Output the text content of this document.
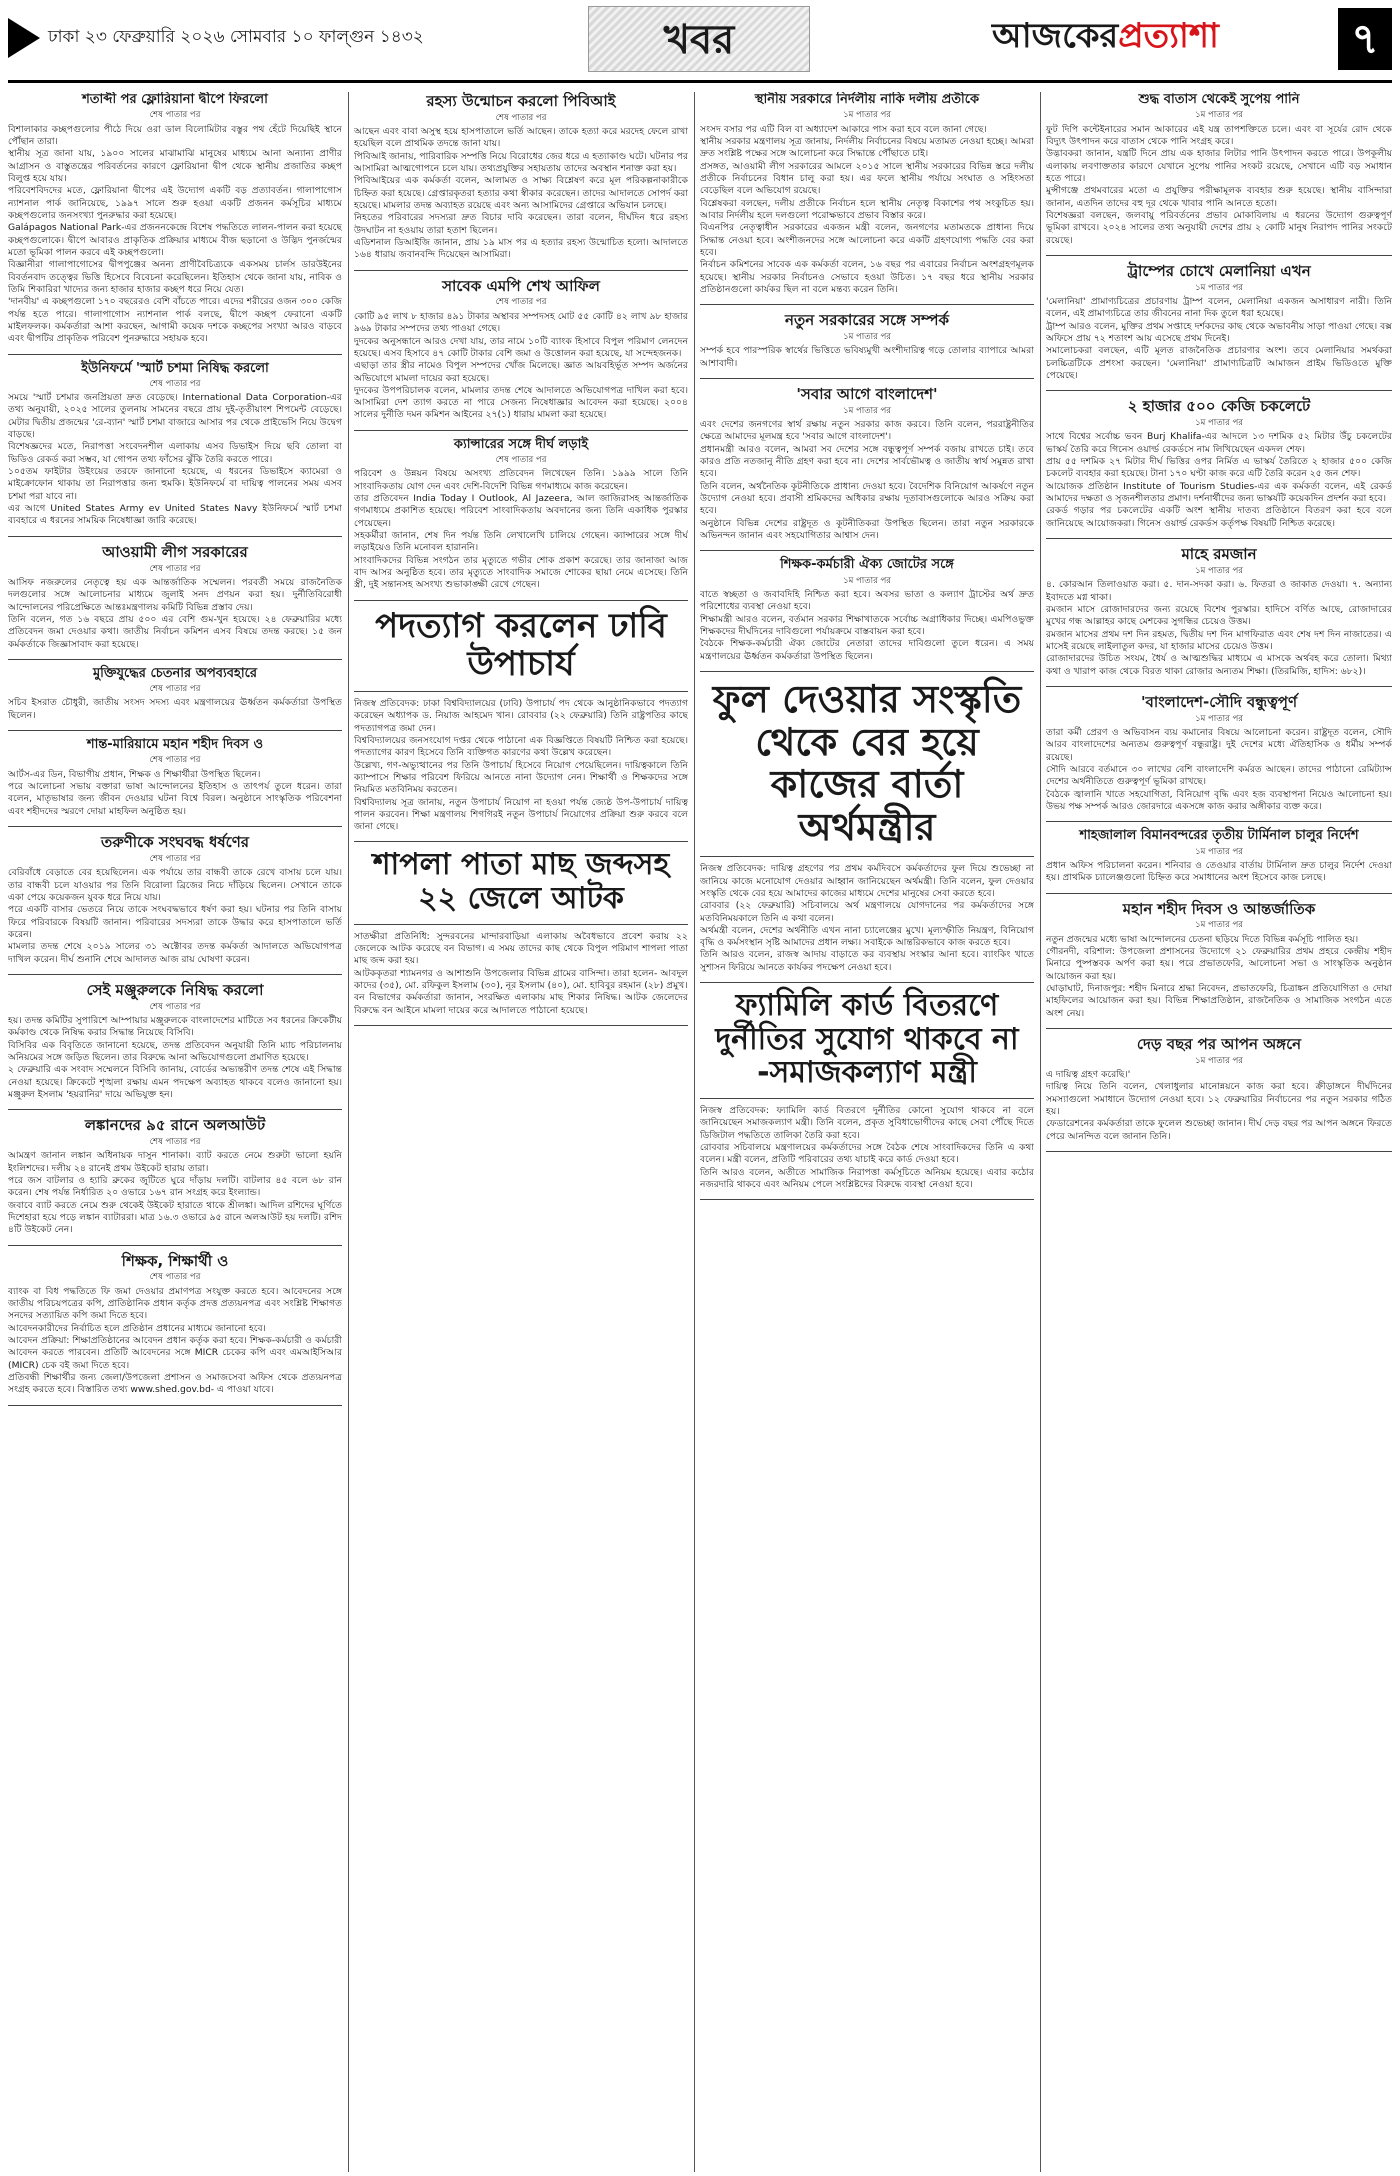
ঢাকা ২৩ ফেব্রুয়ারি ২০২৬ সোমবার ১০ ফাল্গুন ১৪৩২	খবর	আজকেরপ্রত্যাশা	৭
শতাব্দী পর ফ্লোরিয়ানা দ্বীপে ফিরলো
শেষ পাতার পর
বিশালাকার কচ্ছপগুলোর পীঠে দিয়ে ওরা ডাল বিলোমিটার বস্তুর পথ হেঁটে দিয়েছিই স্থানে পৌঁছান তারা।
স্থানীয় সূত্র জানা যায়, ১৯০০ সালের মাঝামাঝি মানুষের মাধ্যমে আনা অন্যান্য প্রাণীর আগ্রাসন ও বাস্তুতন্ত্রের পরিবর্তনের কারণে ফ্লোরিয়ানা দ্বীপ থেকে স্থানীয় প্রজাতির কচ্ছপ বিলুপ্ত হয়ে যায়।
পরিবেশবিদদের মতে, ফ্লোরিয়ানা দ্বীপের এই উদ্যোগ একটি বড় প্রত্যাবর্তন। গালাপাগোস ন্যাশনাল পার্ক জানিয়েছে, ১৯৯৭ সালে শুরু হওয়া একটি প্রজনন কর্মসূচির মাধ্যমে কচ্ছপগুলোর জনসংখ্যা পুনরুদ্ধার করা হয়েছে।
Galápagos National Park-এর প্রজননকেন্দ্রে বিশেষ পদ্ধতিতে লালন-পালন করা হয়েছে কচ্ছপগুলোকে। দ্বীপে আবারও প্রাকৃতিক প্রক্রিয়ার মাধ্যমে বীজ ছড়ানো ও উদ্ভিদ পুনর্জন্মের মতো ভূমিকা পালন করবে এই কচ্ছপগুলো।
বিজ্ঞানীরা গালাপাগোসের দ্বীপপুঞ্জের অনন্য প্রাণীবৈচিত্র্যকে একসময় চার্লস ডারউইনের বিবর্তনবাদ তত্ত্বের ভিত্তি হিসেবে বিবেচনা করেছিলেন। ইতিহাস থেকে জানা যায়, নাবিক ও তিমি শিকারিরা খাদ্যের জন্য হাজার হাজার কচ্ছপ ধরে নিয়ে যেত।
'দানবীয়' এ কচ্ছপগুলো ১৭০ বছরেরও বেশি বাঁচতে পারে। এদের শরীরের ওজন ৩০০ কেজি পর্যন্ত হতে পারে। গালাপাগোস ন্যাশনাল পার্ক বলছে, দ্বীপে কচ্ছপ ফেরানো একটি মাইলফলক। কর্মকর্তারা আশা করছেন, আগামী কয়েক দশকে কচ্ছপের সংখ্যা আরও বাড়বে এবং দ্বীপটির প্রাকৃতিক পরিবেশ পুনরুদ্ধারে সহায়ক হবে।
ইউনিফর্মে 'স্মার্ট চশমা নিষিদ্ধ করলো
শেষ পাতার পর
সময়ে 'স্মার্ট চশমার জনপ্রিয়তা দ্রুত বেড়েছে। International Data Corporation-এর তথ্য অনুযায়ী, ২০২৫ সালের তুলনায় সামনের বছরে প্রায় দুই-তৃতীয়াংশ শিপমেন্ট বেড়েছে। মেটার দ্বিতীয় প্রজন্মের 'রে-ব্যান' স্মার্ট চশমা বাজারে আসার পর থেকে প্রাইভেসি নিয়ে উদ্বেগ বাড়ছে।
বিশেষজ্ঞদের মতে, নিরাপত্তা সংবেদনশীল এলাকায় এসব ডিভাইস দিয়ে ছবি তোলা বা ভিডিও রেকর্ড করা সম্ভব, যা গোপন তথ্য ফাঁসের ঝুঁকি তৈরি করতে পারে।
১০৫তম ফাইটার উইংয়ের তরফে জানানো হয়েছে, এ ধরনের ডিভাইসে ক্যামেরা ও মাইক্রোফোন থাকায় তা নিরাপত্তার জন্য হুমকি। ইউনিফর্মে বা দায়িত্ব পালনের সময় এসব চশমা পরা যাবে না।
এর আগে United States Army ev United States Navy ইউনিফর্মে স্মার্ট চশমা ব্যবহারে এ ধরনের সাময়িক নিষেধাজ্ঞা জারি করেছে।
আওয়ামী লীগ সরকারের
শেষ পাতার পর
আসিফ নজরুলের নেতৃত্বে হয় এক আন্তর্জাতিক সম্মেলন। পরবর্তী সময়ে রাজনৈতিক দলগুলোর সঙ্গে আলোচনার মাধ্যমে জুলাই সনদ প্রণয়ন করা হয়। দুর্নীতিবিরোধী আন্দোলনের পরিপ্রেক্ষিতে আন্তঃমন্ত্রণালয় কমিটি বিভিন্ন প্রস্তাব দেয়।
তিনি বলেন, গত ১৬ বছরে প্রায় ৫০০ এর বেশি গুম-খুন হয়েছে। ২৪ ফেব্রুয়ারির মধ্যে প্রতিবেদন জমা দেওয়ার কথা। জাতীয় নির্বাচন কমিশন এসব বিষয়ে তদন্ত করছে। ১৫ জন কর্মকর্তাকে জিজ্ঞাসাবাদ করা হয়েছে।
মুক্তিযুদ্ধের চেতনার অপব্যবহারে
শেষ পাতার পর
সচিব ইসরাত চৌধুরী, জাতীয় সংসদ সদস্য এবং মন্ত্রণালয়ের ঊর্ধ্বতন কর্মকর্তারা উপস্থিত ছিলেন।
শান্ত-মারিয়ামে মহান শহীদ দিবস ও
শেষ পাতার পর
আর্টস-এর ডিন, বিভাগীয় প্রধান, শিক্ষক ও শিক্ষার্থীরা উপস্থিত ছিলেন।
পরে আলোচনা সভায় বক্তারা ভাষা আন্দোলনের ইতিহাস ও তাৎপর্য তুলে ধরেন। তারা বলেন, মাতৃভাষার জন্য জীবন দেওয়ার ঘটনা বিশ্বে বিরল। অনুষ্ঠানে সাংস্কৃতিক পরিবেশনা এবং শহীদদের স্মরণে দোয়া মাহফিল অনুষ্ঠিত হয়।
তরুণীকে সংঘবদ্ধ ধর্ষণের
শেষ পাতার পর
বেরিবাঁধে বেড়াতে বের হয়েছিলেন। এক পর্যায়ে তার বান্ধবী তাকে রেখে বাসায় চলে যায়। তার বান্ধবী চলে যাওয়ার পর তিনি বিরোলা ব্রিজের নিচে দাঁড়িয়ে ছিলেন। সেখানে তাকে একা পেয়ে কয়েকজন যুবক ধরে নিয়ে যায়।
পরে একটি বাসার ভেতরে নিয়ে তাকে সংঘবদ্ধভাবে ধর্ষণ করা হয়। ঘটনার পর তিনি বাসায় ফিরে পরিবারকে বিষয়টি জানান। পরিবারের সদস্যরা তাকে উদ্ধার করে হাসপাতালে ভর্তি করেন।
মামলার তদন্ত শেষে ২০১৯ সালের ৩১ অক্টোবর তদন্ত কর্মকর্তা আদালতে অভিযোগপত্র দাখিল করেন। দীর্ঘ শুনানি শেষে আদালত আজ রায় ঘোষণা করেন।
সেই মঞ্জুরুলকে নিষিদ্ধ করলো
শেষ পাতার পর
হয়। তদন্ত কমিটির সুপারিশে আম্পায়ার মঞ্জুরুলকে বাংলাদেশের মাটিতে সব ধরনের ক্রিকেটীয় কর্মকাণ্ড থেকে নিষিদ্ধ করার সিদ্ধান্ত নিয়েছে বিসিবি।
বিসিবির এক বিবৃতিতে জানানো হয়েছে, তদন্ত প্রতিবেদন অনুযায়ী তিনি ম্যাচ পরিচালনায় অনিয়মের সঙ্গে জড়িত ছিলেন। তার বিরুদ্ধে আনা অভিযোগগুলো প্রমাণিত হয়েছে।
২ ফেব্রুয়ারি এক সংবাদ সম্মেলনে বিসিবি জানায়, বোর্ডের অভ্যন্তরীণ তদন্ত শেষে এই সিদ্ধান্ত নেওয়া হয়েছে। ক্রিকেটে শৃঙ্খলা রক্ষায় এমন পদক্ষেপ অব্যাহত থাকবে বলেও জানানো হয়। মঞ্জুরুল ইসলাম 'হয়রানির' দায়ে অভিযুক্ত হন।
লঙ্কানদের ৯৫ রানে অলআউট
শেষ পাতার পর
আমন্ত্রণ জানান লঙ্কান অধিনায়ক দাসুন শানাকা। ব্যাট করতে নেমে শুরুটা ভালো হয়নি ইংলিশদের। দলীয় ২৪ রানেই প্রথম উইকেট হারায় তারা।
পরে জস বাটলার ও হ্যারি ব্রুকের জুটিতে ঘুরে দাঁড়ায় দলটি। বাটলার ৪৫ বলে ৬৮ রান করেন। শেষ পর্যন্ত নির্ধারিত ২০ ওভারে ১৬৭ রান সংগ্রহ করে ইংল্যান্ড।
জবাবে ব্যাট করতে নেমে শুরু থেকেই উইকেট হারাতে থাকে শ্রীলঙ্কা। আদিল রশিদের ঘূর্ণিতে দিশেহারা হয়ে পড়ে লঙ্কান ব্যাটাররা। মাত্র ১৬.৩ ওভারে ৯৫ রানে অলআউট হয় দলটি। রশিদ ৪টি উইকেট নেন।
শিক্ষক, শিক্ষার্থী ও
শেষ পাতার পর
ব্যাংক বা বিধ পদ্ধতিতে ফি জমা দেওয়ার প্রমাণপত্র সংযুক্ত করতে হবে। আবেদনের সঙ্গে জাতীয় পরিচয়পত্রের কপি, প্রাতিষ্ঠানিক প্রধান কর্তৃক প্রদত্ত প্রত্যয়নপত্র এবং সংশ্লিষ্ট শিক্ষাগত সনদের সত্যায়িত কপি জমা দিতে হবে।
আবেদনকারীদের নির্বাচিত হলে প্রতিষ্ঠান প্রধানের মাধ্যমে জানানো হবে।
আবেদন প্রক্রিয়া: শিক্ষাপ্রতিষ্ঠানের আবেদন প্রধান কর্তৃক করা হবে। শিক্ষক-কর্মচারী ও কর্মচারী আবেদন করতে পারবেন। প্রতিটি আবেদনের সঙ্গে MICR চেকের কপি এবং এমআইসিআর (MICR) চেক বই জমা দিতে হবে।
প্রতিবন্ধী শিক্ষার্থীর জন্য জেলা/উপজেলা প্রশাসন ও সমাজসেবা অফিস থেকে প্রত্যয়নপত্র সংগ্রহ করতে হবে। বিস্তারিত তথ্য www.shed.gov.bd- এ পাওয়া যাবে।
রহস্য উন্মোচন করলো পিবিআই
শেষ পাতার পর
আছেন এবং বাবা অসুস্থ হয়ে হাসপাতালে ভর্তি আছেন। তাকে হত্যা করে মরদেহ ফেলে রাখা হয়েছিল বলে প্রাথমিক তদন্তে জানা যায়।
পিবিআই জানায়, পারিবারিক সম্পত্তি নিয়ে বিরোধের জের ধরে এ হত্যাকাণ্ড ঘটে। ঘটনার পর আসামিরা আত্মগোপনে চলে যায়। তথ্যপ্রযুক্তির সহায়তায় তাদের অবস্থান শনাক্ত করা হয়।
পিবিআইয়ের এক কর্মকর্তা বলেন, আলামত ও সাক্ষ্য বিশ্লেষণ করে মূল পরিকল্পনাকারীকে চিহ্নিত করা হয়েছে। গ্রেপ্তারকৃতরা হত্যার কথা স্বীকার করেছেন। তাদের আদালতে সোপর্দ করা হয়েছে। মামলার তদন্ত অব্যাহত রয়েছে এবং অন্য আসামিদের গ্রেপ্তারে অভিযান চলছে।
নিহতের পরিবারের সদস্যরা দ্রুত বিচার দাবি করেছেন। তারা বলেন, দীর্ঘদিন ধরে রহস্য উদঘাটন না হওয়ায় তারা হতাশ ছিলেন।
এডিশনাল ডিআইজি জানান, প্রায় ১৯ মাস পর এ হত্যার রহস্য উন্মোচিত হলো। আদালতে ১৬৪ ধারায় জবানবন্দি দিয়েছেন আসামিরা।
সাবেক এমপি শেখ আফিল
শেষ পাতার পর
কোটি ৯৫ লাখ ৮ হাজার ৪৯১ টাকার অস্থাবর সম্পদসহ মোট ৫৫ কোটি ৪২ লাখ ৯৮ হাজার ৯৬৯ টাকার সম্পদের তথ্য পাওয়া গেছে।
দুদকের অনুসন্ধানে আরও দেখা যায়, তার নামে ১০টি ব্যাংক হিসাবে বিপুল পরিমাণ লেনদেন হয়েছে। এসব হিসাবে ৪৭ কোটি টাকার বেশি জমা ও উত্তোলন করা হয়েছে, যা সন্দেহজনক।
এছাড়া তার স্ত্রীর নামেও বিপুল সম্পদের খোঁজ মিলেছে। জ্ঞাত আয়বহির্ভূত সম্পদ অর্জনের অভিযোগে মামলা দায়ের করা হয়েছে।
দুদকের উপপরিচালক বলেন, মামলার তদন্ত শেষে আদালতে অভিযোগপত্র দাখিল করা হবে। আসামিরা দেশ ত্যাগ করতে না পারে সেজন্য নিষেধাজ্ঞার আবেদন করা হয়েছে। ২০০৪ সালের দুর্নীতি দমন কমিশন আইনের ২৭(১) ধারায় মামলা করা হয়েছে।
ক্যান্সারের সঙ্গে দীর্ঘ লড়াই
শেষ পাতার পর
পরিবেশ ও উন্নয়ন বিষয়ে অসংখ্য প্রতিবেদন লিখেছেন তিনি। ১৯৯৯ সালে তিনি সাংবাদিকতায় যোগ দেন এবং দেশি-বিদেশি বিভিন্ন গণমাধ্যমে কাজ করেছেন।
তার প্রতিবেদন India Today I Outlook, Al Jazeera, আল জাজিরাসহ আন্তর্জাতিক গণমাধ্যমে প্রকাশিত হয়েছে। পরিবেশ সাংবাদিকতায় অবদানের জন্য তিনি একাধিক পুরস্কার পেয়েছেন।
সহকর্মীরা জানান, শেষ দিন পর্যন্ত তিনি লেখালেখি চালিয়ে গেছেন। ক্যান্সারের সঙ্গে দীর্ঘ লড়াইয়েও তিনি মনোবল হারাননি।
সাংবাদিকদের বিভিন্ন সংগঠন তার মৃত্যুতে গভীর শোক প্রকাশ করেছে। তার জানাজা আজ বাদ আসর অনুষ্ঠিত হবে। তার মৃত্যুতে সাংবাদিক সমাজে শোকের ছায়া নেমে এসেছে। তিনি স্ত্রী, দুই সন্তানসহ অসংখ্য শুভাকাঙ্ক্ষী রেখে গেছেন।
পদত্যাগ করলেন ঢাবি উপাচার্য
নিজস্ব প্রতিবেদক: ঢাকা বিশ্ববিদ্যালয়ের (ঢাবি) উপাচার্য পদ থেকে আনুষ্ঠানিকভাবে পদত্যাগ করেছেন অধ্যাপক ড. নিয়াজ আহমেদ খান। রোববার (২২ ফেব্রুয়ারি) তিনি রাষ্ট্রপতির কাছে পদত্যাগপত্র জমা দেন।
বিশ্ববিদ্যালয়ের জনসংযোগ দপ্তর থেকে পাঠানো এক বিজ্ঞপ্তিতে বিষয়টি নিশ্চিত করা হয়েছে। পদত্যাগের কারণ হিসেবে তিনি ব্যক্তিগত কারণের কথা উল্লেখ করেছেন।
উল্লেখ্য, গণ-অভ্যুত্থানের পর তিনি উপাচার্য হিসেবে নিয়োগ পেয়েছিলেন। দায়িত্বকালে তিনি ক্যাম্পাসে শিক্ষার পরিবেশ ফিরিয়ে আনতে নানা উদ্যোগ নেন। শিক্ষার্থী ও শিক্ষকদের সঙ্গে নিয়মিত মতবিনিময় করতেন।
বিশ্ববিদ্যালয় সূত্র জানায়, নতুন উপাচার্য নিয়োগ না হওয়া পর্যন্ত জ্যেষ্ঠ উপ-উপাচার্য দায়িত্ব পালন করবেন। শিক্ষা মন্ত্রণালয় শিগগিরই নতুন উপাচার্য নিয়োগের প্রক্রিয়া শুরু করবে বলে জানা গেছে।
শাপলা পাতা মাছ জব্দসহ ২২ জেলে আটক
সাতক্ষীরা প্রতিনিধি: সুন্দরবনের মান্দারবাড়িয়া এলাকায় অবৈধভাবে প্রবেশ করায় ২২ জেলেকে আটক করেছে বন বিভাগ। এ সময় তাদের কাছ থেকে বিপুল পরিমাণ শাপলা পাতা মাছ জব্দ করা হয়।
আটককৃতরা শ্যামনগর ও আশাশুনি উপজেলার বিভিন্ন গ্রামের বাসিন্দা। তারা হলেন- আবদুল কাদের (৩৫), মো. রফিকুল ইসলাম (৩০), নূর ইসলাম (৪০), মো. হাবিবুর রহমান (২৮) প্রমুখ।
বন বিভাগের কর্মকর্তারা জানান, সংরক্ষিত এলাকায় মাছ শিকার নিষিদ্ধ। আটক জেলেদের বিরুদ্ধে বন আইনে মামলা দায়ের করে আদালতে পাঠানো হয়েছে।
স্থানীয় সরকারে নির্দলীয় নাকি দলীয় প্রতীকে
১ম পাতার পর
সংসদ বসার পর এটি বিল বা অধ্যাদেশ আকারে পাস করা হবে বলে জানা গেছে।
স্থানীয় সরকার মন্ত্রণালয় সূত্র জানায়, নির্দলীয় নির্বাচনের বিষয়ে মতামত নেওয়া হচ্ছে। আমরা দ্রুত সংশ্লিষ্ট পক্ষের সঙ্গে আলোচনা করে সিদ্ধান্তে পৌঁছাতে চাই।
প্রসঙ্গত, আওয়ামী লীগ সরকারের আমলে ২০১৫ সালে স্থানীয় সরকারের বিভিন্ন স্তরে দলীয় প্রতীকে নির্বাচনের বিধান চালু করা হয়। এর ফলে স্থানীয় পর্যায়ে সংঘাত ও সহিংসতা বেড়েছিল বলে অভিযোগ রয়েছে।
বিশ্লেষকরা বলছেন, দলীয় প্রতীকে নির্বাচন হলে স্থানীয় নেতৃত্ব বিকাশের পথ সংকুচিত হয়। আবার নির্দলীয় হলে দলগুলো পরোক্ষভাবে প্রভাব বিস্তার করে।
বিএনপির নেতৃত্বাধীন সরকারের একজন মন্ত্রী বলেন, জনগণের মতামতকে প্রাধান্য দিয়ে সিদ্ধান্ত নেওয়া হবে। অংশীজনদের সঙ্গে আলোচনা করে একটি গ্রহণযোগ্য পদ্ধতি বের করা হবে।
নির্বাচন কমিশনের সাবেক এক কর্মকর্তা বলেন, ১৬ বছর পর এবারের নির্বাচন অংশগ্রহণমূলক হয়েছে। স্থানীয় সরকার নির্বাচনও সেভাবে হওয়া উচিত। ১৭ বছর ধরে স্থানীয় সরকার প্রতিষ্ঠানগুলো কার্যকর ছিল না বলে মন্তব্য করেন তিনি।
নতুন সরকারের সঙ্গে সম্পর্ক
১ম পাতার পর
সম্পর্ক হবে পারস্পরিক স্বার্থের ভিত্তিতে ভবিষ্যমুখী অংশীদারিত্ব গড়ে তোলার ব্যাপারে আমরা আশাবাদী।
'সবার আগে বাংলাদেশ'
১ম পাতার পর
এবং দেশের জনগণের স্বার্থ রক্ষায় নতুন সরকার কাজ করবে। তিনি বলেন, পররাষ্ট্রনীতির ক্ষেত্রে আমাদের মূলমন্ত্র হবে 'সবার আগে বাংলাদেশ'।
প্রধানমন্ত্রী আরও বলেন, আমরা সব দেশের সঙ্গে বন্ধুত্বপূর্ণ সম্পর্ক বজায় রাখতে চাই। তবে কারও প্রতি নতজানু নীতি গ্রহণ করা হবে না। দেশের সার্বভৌমত্ব ও জাতীয় স্বার্থ সমুন্নত রাখা হবে।
তিনি বলেন, অর্থনৈতিক কূটনীতিকে প্রাধান্য দেওয়া হবে। বৈদেশিক বিনিয়োগ আকর্ষণে নতুন উদ্যোগ নেওয়া হবে। প্রবাসী শ্রমিকদের অধিকার রক্ষায় দূতাবাসগুলোকে আরও সক্রিয় করা হবে।
অনুষ্ঠানে বিভিন্ন দেশের রাষ্ট্রদূত ও কূটনীতিকরা উপস্থিত ছিলেন। তারা নতুন সরকারকে অভিনন্দন জানান এবং সহযোগিতার আশ্বাস দেন।
শিক্ষক-কর্মচারী ঐক্য জোটের সঙ্গে
১ম পাতার পর
বাতে স্বচ্ছতা ও জবাবদিহি নিশ্চিত করা হবে। অবসর ভাতা ও কল্যাণ ট্রাস্টের অর্থ দ্রুত পরিশোধের ব্যবস্থা নেওয়া হবে।
শিক্ষামন্ত্রী আরও বলেন, বর্তমান সরকার শিক্ষাখাতকে সর্বোচ্চ অগ্রাধিকার দিচ্ছে। এমপিওভুক্ত শিক্ষকদের দীর্ঘদিনের দাবিগুলো পর্যায়ক্রমে বাস্তবায়ন করা হবে।
বৈঠকে শিক্ষক-কর্মচারী ঐক্য জোটের নেতারা তাদের দাবিগুলো তুলে ধরেন। এ সময় মন্ত্রণালয়ের ঊর্ধ্বতন কর্মকর্তারা উপস্থিত ছিলেন।
ফুল দেওয়ার সংস্কৃতি থেকে বের হয়ে কাজের বার্তা অর্থমন্ত্রীর
নিজস্ব প্রতিবেদক: দায়িত্ব গ্রহণের পর প্রথম কর্মদিবসে কর্মকর্তাদের ফুল দিয়ে শুভেচ্ছা না জানিয়ে কাজে মনোযোগ দেওয়ার আহ্বান জানিয়েছেন অর্থমন্ত্রী। তিনি বলেন, ফুল দেওয়ার সংস্কৃতি থেকে বের হয়ে আমাদের কাজের মাধ্যমে দেশের মানুষের সেবা করতে হবে।
রোববার (২২ ফেব্রুয়ারি) সচিবালয়ে অর্থ মন্ত্রণালয়ে যোগদানের পর কর্মকর্তাদের সঙ্গে মতবিনিময়কালে তিনি এ কথা বলেন।
অর্থমন্ত্রী বলেন, দেশের অর্থনীতি এখন নানা চ্যালেঞ্জের মুখে। মূল্যস্ফীতি নিয়ন্ত্রণ, বিনিয়োগ বৃদ্ধি ও কর্মসংস্থান সৃষ্টি আমাদের প্রধান লক্ষ্য। সবাইকে আন্তরিকভাবে কাজ করতে হবে।
তিনি আরও বলেন, রাজস্ব আদায় বাড়াতে কর ব্যবস্থায় সংস্কার আনা হবে। ব্যাংকিং খাতে সুশাসন ফিরিয়ে আনতে কার্যকর পদক্ষেপ নেওয়া হবে।
ফ্যামিলি কার্ড বিতরণে দুর্নীতির সুযোগ থাকবে না -সমাজকল্যাণ মন্ত্রী
নিজস্ব প্রতিবেদক: ফ্যামিলি কার্ড বিতরণে দুর্নীতির কোনো সুযোগ থাকবে না বলে জানিয়েছেন সমাজকল্যাণ মন্ত্রী। তিনি বলেন, প্রকৃত সুবিধাভোগীদের কাছে সেবা পৌঁছে দিতে ডিজিটাল পদ্ধতিতে তালিকা তৈরি করা হবে।
রোববার সচিবালয়ে মন্ত্রণালয়ের কর্মকর্তাদের সঙ্গে বৈঠক শেষে সাংবাদিকদের তিনি এ কথা বলেন। মন্ত্রী বলেন, প্রতিটি পরিবারের তথ্য যাচাই করে কার্ড দেওয়া হবে।
তিনি আরও বলেন, অতীতে সামাজিক নিরাপত্তা কর্মসূচিতে অনিয়ম হয়েছে। এবার কঠোর নজরদারি থাকবে এবং অনিয়ম পেলে সংশ্লিষ্টদের বিরুদ্ধে ব্যবস্থা নেওয়া হবে।
শুদ্ধ বাতাস থেকেই সুপেয় পানি
১ম পাতার পর
ফুট দিপি কন্টেইনারের সমান আকারের এই যন্ত্র তাপশক্তিতে চলে। এবং বা সূর্যের রোদ থেকে বিদ্যুৎ উৎপাদন করে বাতাস থেকে পানি সংগ্রহ করে।
উদ্ভাবকরা জানান, যন্ত্রটি দিনে প্রায় এক হাজার লিটার পানি উৎপাদন করতে পারে। উপকূলীয় এলাকায় লবণাক্ততার কারণে যেখানে সুপেয় পানির সংকট রয়েছে, সেখানে এটি বড় সমাধান হতে পারে।
মুন্সীগঞ্জে প্রথমবারের মতো এ প্রযুক্তির পরীক্ষামূলক ব্যবহার শুরু হয়েছে। স্থানীয় বাসিন্দারা জানান, এতদিন তাদের বহু দূর থেকে খাবার পানি আনতে হতো।
বিশেষজ্ঞরা বলছেন, জলবায়ু পরিবর্তনের প্রভাব মোকাবিলায় এ ধরনের উদ্যোগ গুরুত্বপূর্ণ ভূমিকা রাখবে। ২০২৪ সালের তথ্য অনুযায়ী দেশের প্রায় ২ কোটি মানুষ নিরাপদ পানির সংকটে রয়েছে।
ট্রাম্পের চোখে মেলানিয়া এখন
১ম পাতার পর
'মেলানিয়া' প্রামাণ্যচিত্রের প্রচারণায় ট্রাম্প বলেন, মেলানিয়া একজন অসাধারণ নারী। তিনি বলেন, এই প্রামাণ্যচিত্রে তার জীবনের নানা দিক তুলে ধরা হয়েছে।
ট্রাম্প আরও বলেন, মুক্তির প্রথম সপ্তাহে দর্শকদের কাছ থেকে অভাবনীয় সাড়া পাওয়া গেছে। বক্স অফিসে প্রায় ৭২ শতাংশ আয় এসেছে প্রথম দিনেই।
সমালোচকরা বলছেন, এটি মূলত রাজনৈতিক প্রচারণার অংশ। তবে মেলানিয়ার সমর্থকরা চলচ্চিত্রটিকে প্রশংসা করছেন। 'মেলানিয়া' প্রামাণ্যচিত্রটি আমাজন প্রাইম ভিডিওতে মুক্তি পেয়েছে।
২ হাজার ৫০০ কেজি চকলেটে
১ম পাতার পর
সাথে বিশ্বের সর্বোচ্চ ভবন Burj Khalifa-এর আদলে ১৩ দশমিক ৫২ মিটার উঁচু চকলেটের ভাস্কর্য তৈরি করে গিনেস ওয়ার্ল্ড রেকর্ডসে নাম লিখিয়েছেন একদল শেফ।
প্রায় ৫৫ দশমিক ২৭ মিটার দীর্ঘ ভিত্তির ওপর নির্মিত এ ভাস্কর্য তৈরিতে ২ হাজার ৫০০ কেজি চকলেট ব্যবহার করা হয়েছে। টানা ১৭০ ঘণ্টা কাজ করে এটি তৈরি করেন ২৫ জন শেফ।
আয়োজক প্রতিষ্ঠান Institute of Tourism Studies-এর এক কর্মকর্তা বলেন, এই রেকর্ড আমাদের দক্ষতা ও সৃজনশীলতার প্রমাণ। দর্শনার্থীদের জন্য ভাস্কর্যটি কয়েকদিন প্রদর্শন করা হবে।
রেকর্ড গড়ার পর চকলেটের একটি অংশ স্থানীয় দাতব্য প্রতিষ্ঠানে বিতরণ করা হবে বলে জানিয়েছে আয়োজকরা। গিনেস ওয়ার্ল্ড রেকর্ডস কর্তৃপক্ষ বিষয়টি নিশ্চিত করেছে।
মাহে রমজান
১ম পাতার পর
৪. কোরআন তিলাওয়াত করা। ৫. দান-সদকা করা। ৬. ফিতরা ও জাকাত দেওয়া। ৭. অন্যান্য ইবাদতে মগ্ন থাকা।
রমজান মাসে রোজাদারদের জন্য রয়েছে বিশেষ পুরস্কার। হাদিসে বর্ণিত আছে, রোজাদারের মুখের গন্ধ আল্লাহর কাছে মেশকের সুগন্ধির চেয়েও উত্তম।
রমজান মাসের প্রথম দশ দিন রহমত, দ্বিতীয় দশ দিন মাগফিরাত এবং শেষ দশ দিন নাজাতের। এ মাসেই রয়েছে লাইলাতুল কদর, যা হাজার মাসের চেয়েও উত্তম।
রোজাদারদের উচিত সংযম, ধৈর্য ও আত্মশুদ্ধির মাধ্যমে এ মাসকে অর্থবহ করে তোলা। মিথ্যা কথা ও খারাপ কাজ থেকে বিরত থাকা রোজার অন্যতম শিক্ষা। (তিরমিজি, হাদিস: ৬৮২)।
'বাংলাদেশ-সৌদি বন্ধুত্বপূর্ণ
১ম পাতার পর
তারা কর্মী প্রেরণ ও অভিবাসন ব্যয় কমানোর বিষয়ে আলোচনা করেন। রাষ্ট্রদূত বলেন, সৌদি আরব বাংলাদেশের অন্যতম গুরুত্বপূর্ণ বন্ধুরাষ্ট্র। দুই দেশের মধ্যে ঐতিহাসিক ও ধর্মীয় সম্পর্ক রয়েছে।
সৌদি আরবে বর্তমানে ৩০ লাখের বেশি বাংলাদেশি কর্মরত আছেন। তাদের পাঠানো রেমিট্যান্স দেশের অর্থনীতিতে গুরুত্বপূর্ণ ভূমিকা রাখছে।
বৈঠকে জ্বালানি খাতে সহযোগিতা, বিনিয়োগ বৃদ্ধি এবং হজ ব্যবস্থাপনা নিয়েও আলোচনা হয়। উভয় পক্ষ সম্পর্ক আরও জোরদারে একসঙ্গে কাজ করার অঙ্গীকার ব্যক্ত করে।
শাহজালাল বিমানবন্দরের তৃতীয় টার্মিনাল চালুর নির্দেশ
১ম পাতার পর
প্রধান অফিস পরিচালনা করেন। শনিবার ও তেওয়ার বার্তায় টার্মিনাল দ্রুত চালুর নির্দেশ দেওয়া হয়। প্রাথমিক চ্যালেঞ্জগুলো চিহ্নিত করে সমাধানের অংশ হিসেবে কাজ চলছে।
মহান শহীদ দিবস ও আন্তর্জাতিক
১ম পাতার পর
নতুন প্রজন্মের মধ্যে ভাষা আন্দোলনের চেতনা ছড়িয়ে দিতে বিভিন্ন কর্মসূচি পালিত হয়।
গৌরনদী, বরিশাল: উপজেলা প্রশাসনের উদ্যোগে ২১ ফেব্রুয়ারির প্রথম প্রহরে কেন্দ্রীয় শহীদ মিনারে পুষ্পস্তবক অর্পণ করা হয়। পরে প্রভাতফেরি, আলোচনা সভা ও সাংস্কৃতিক অনুষ্ঠান আয়োজন করা হয়।
ঘোড়াঘাট, দিনাজপুর: শহীদ মিনারে শ্রদ্ধা নিবেদন, প্রভাতফেরি, চিত্রাঙ্কন প্রতিযোগিতা ও দোয়া মাহফিলের আয়োজন করা হয়। বিভিন্ন শিক্ষাপ্রতিষ্ঠান, রাজনৈতিক ও সামাজিক সংগঠন এতে অংশ নেয়।
দেড় বছর পর আপন অঙ্গনে
১ম পাতার পর
এ দায়িত্ব গ্রহণ করেছি।'
দায়িত্ব নিয়ে তিনি বলেন, খেলাধুলার মানোন্নয়নে কাজ করা হবে। ক্রীড়াঙ্গনে দীর্ঘদিনের সমস্যাগুলো সমাধানে উদ্যোগ নেওয়া হবে। ১২ ফেব্রুয়ারির নির্বাচনের পর নতুন সরকার গঠিত হয়।
ফেডারেশনের কর্মকর্তারা তাকে ফুলেল শুভেচ্ছা জানান। দীর্ঘ দেড় বছর পর আপন অঙ্গনে ফিরতে পেরে আনন্দিত বলে জানান তিনি।
